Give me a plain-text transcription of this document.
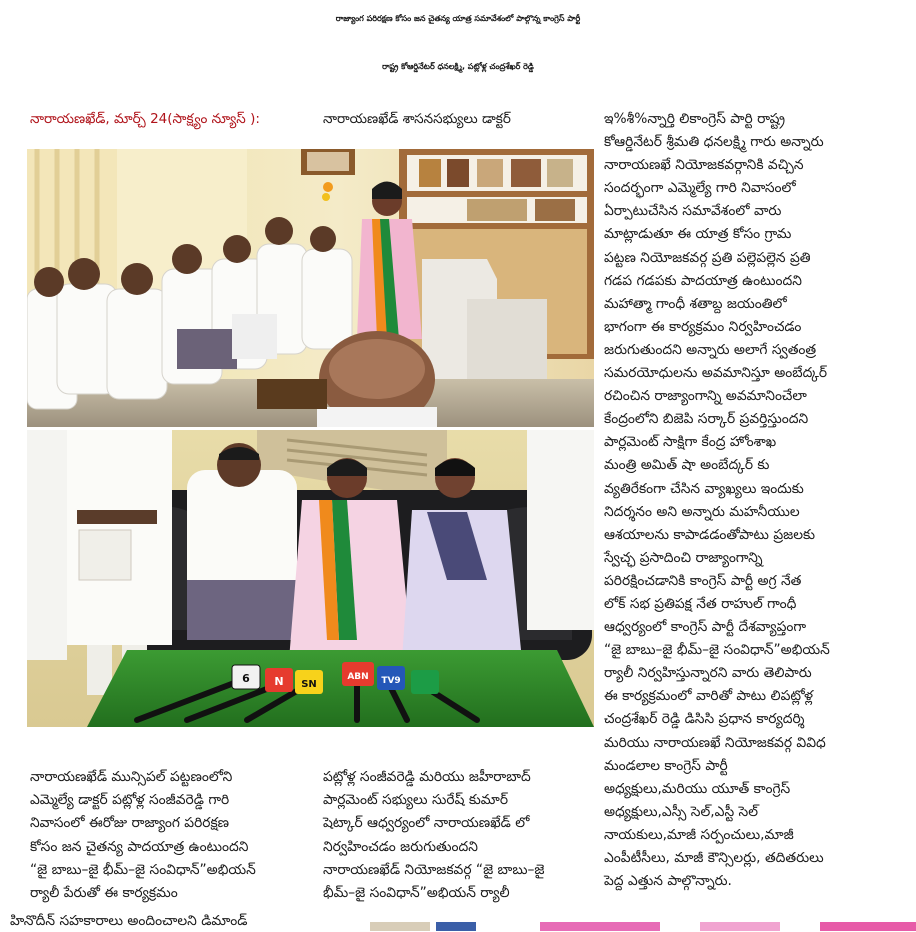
రాజ్యాంగ పరిరక్షణ కోసం జన చైతన్య యాత్ర సమావేశంలో పాల్గొన్న కాంగ్రెస్ పార్టీ
రాష్ట్ర కోఆర్డినేటర్ ధనలక్ష్మి, పట్లోళ్ల చంద్రశేఖర్ రెడ్డి
నారాయణఖేడ్, మార్చ్ 24(సాక్ష్యం న్యూస్ ):	నారాయణఖేడ్ శాసనసభ్యులు డాక్టర్
6 N SN
ABN TV9
ఇ%శీ%న్నార్తి లికాంగ్రెస్ పార్టి రాష్ట్ర
కోఆర్డినేటర్ శ్రీమతి ధనలక్ష్మి గారు అన్నారు
నారాయణఖే నియోజకవర్గానికి వచ్చిన
సందర్భంగా ఎమ్మెల్యే గారి నివాసంలో
ఏర్పాటుచేసిన సమావేశంలో వారు
మాట్లాడుతూ ఈ యాత్ర కోసం గ్రామ
పట్టణ నియోజకవర్గ ప్రతి పల్లెపల్లెన ప్రతి
గడప గడపకు పాదయాత్ర ఉంటుందని
మహాత్మా గాంధీ శతాబ్ద జయంతిలో
భాగంగా ఈ కార్యక్రమం నిర్వహించడం
జరుగుతుందని అన్నారు అలాగే స్వతంత్ర
సమరయోధులను అవమానిస్తూ అంబేద్కర్
రచించిన రాజ్యాంగాన్ని అవమానించేలా
కేంద్రంలోని బిజెపి సర్కార్ ప్రవర్తిస్తుందని
పార్లమెంట్ సాక్షిగా కేంద్ర హోంశాఖ
మంత్రి అమిత్ షా అంబేద్కర్ కు
వ్యతిరేకంగా చేసిన వ్యాఖ్యలు ఇందుకు
నిదర్శనం అని అన్నారు మహనీయుల
ఆశయాలను కాపాడడంతోపాటు ప్రజలకు
స్వేచ్ఛ ప్రసాదించి రాజ్యాంగాన్ని
పరిరక్షించడానికి కాంగ్రెస్ పార్టీ అగ్ర నేత
లోక్ సభ ప్రతిపక్ష నేత రాహుల్ గాంధీ
ఆధ్వర్యంలో కాంగ్రెస్ పార్టీ దేశవ్యాప్తంగా
“జై బాబు–జై భీమ్–జై సంవిధాన్”అభియన్
ర్యాలీ నిర్వహిస్తున్నారని వారు తెలిపారు
ఈ కార్యక్రమంలో వారితో పాటు లిపట్లోళ్ల
చంద్రశేఖర్ రెడ్డి డిసిసి ప్రధాన కార్యదర్శి
మరియు నారాయణఖే నియోజకవర్గ వివిధ
మండలాల కాంగ్రెస్ పార్టీ
అధ్యక్షులు,మరియు యూత్ కాంగ్రెస్
అధ్యక్షులు,ఎస్సీ సెల్,ఎస్టీ సెల్
నాయకులు,మాజీ సర్పంచులు,మాజీ
ఎంపీటీసీలు, మాజీ కౌన్సిలర్లు, తదితరులు
పెద్ద ఎత్తున పాల్గొన్నారు.
నారాయణఖేడ్ మున్సిపల్ పట్టణంలోని
ఎమ్మెల్యే డాక్టర్ పట్లోళ్ల సంజీవరెడ్డి గారి
నివాసంలో ఈరోజు రాజ్యాంగ పరిరక్షణ
కోసం జన చైతన్య పాదయాత్ర ఉంటుందని
“జై బాబు–జై భీమ్–జై సంవిధాన్”అభియన్
ర్యాలీ పేరుతో ఈ కార్యక్రమం
పట్లోళ్ల సంజీవరెడ్డి మరియు జహీరాబాద్
పార్లమెంట్ సభ్యులు సురేష్ కుమార్
షెట్కార్ ఆధ్వర్యంలో నారాయణఖేడ్ లో
నిర్వహించడం జరుగుతుందని
నారాయణఖేడ్ నియోజకవర్గ “జై బాబు–జై
భీమ్–జై సంవిధాన్”అభియన్ ర్యాలీ
హినొదీన్ సహకారాలు అందించాలని డిమాండ్
